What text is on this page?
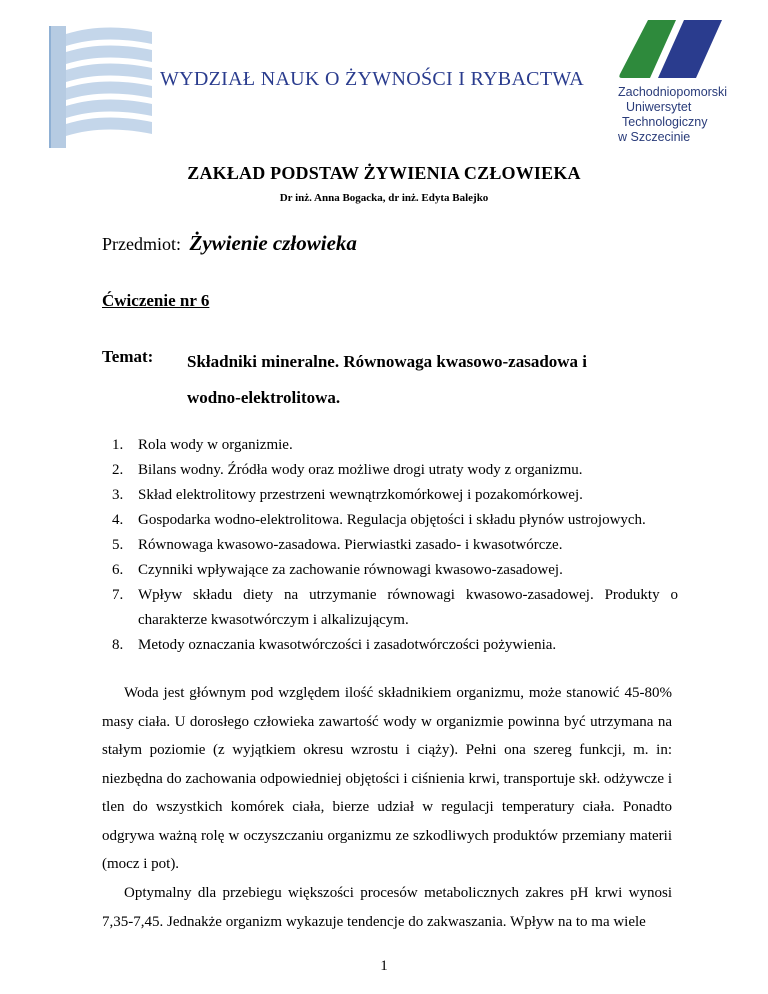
WYDZIAŁ NAUK O ŻYWNOŚCI I RYBACTWA
Zachodniopomorski
Uniwersytet
Technologiczny
w Szczecinie
ZAKŁAD PODSTAW ŻYWIENIA CZŁOWIEKA
Dr inż. Anna Bogacka, dr inż. Edyta Balejko
Przedmiot: Żywienie człowieka
Ćwiczenie nr 6
Temat: Składniki mineralne. Równowaga kwasowo-zasadowa i
wodno-elektrolitowa.
1. Rola wody w organizmie.
2. Bilans wodny. Źródła wody oraz możliwe drogi utraty wody z organizmu.
3. Skład elektrolitowy przestrzeni wewnątrzkomórkowej i pozakomórkowej.
4. Gospodarka wodno-elektrolitowa. Regulacja objętości i składu płynów ustrojowych.
5. Równowaga kwasowo-zasadowa. Pierwiastki zasado- i kwasotwórcze.
6. Czynniki wpływające za zachowanie równowagi kwasowo-zasadowej.
7. Wpływ składu diety na utrzymanie równowagi kwasowo-zasadowej. Produkty o charakterze kwasotwórczym i alkalizującym.
8. Metody oznaczania kwasotwórczości i zasadotwórczości pożywienia.
Woda jest głównym pod względem ilość składnikiem organizmu, może stanowić 45-80% masy ciała. U dorosłego człowieka zawartość wody w organizmie powinna być utrzymana na stałym poziomie (z wyjątkiem okresu wzrostu i ciąży). Pełni ona szereg funkcji, m. in: niezbędna do zachowania odpowiedniej objętości i ciśnienia krwi, transportuje skł. odżywcze i tlen do wszystkich komórek ciała, bierze udział w regulacji temperatury ciała. Ponadto odgrywa ważną rolę w oczyszczaniu organizmu ze szkodliwych produktów przemiany materii (mocz i pot).
Optymalny dla przebiegu większości procesów metabolicznych zakres pH krwi wynosi 7,35-7,45. Jednakże organizm wykazuje tendencje do zakwaszania. Wpływ na to ma wiele
1
